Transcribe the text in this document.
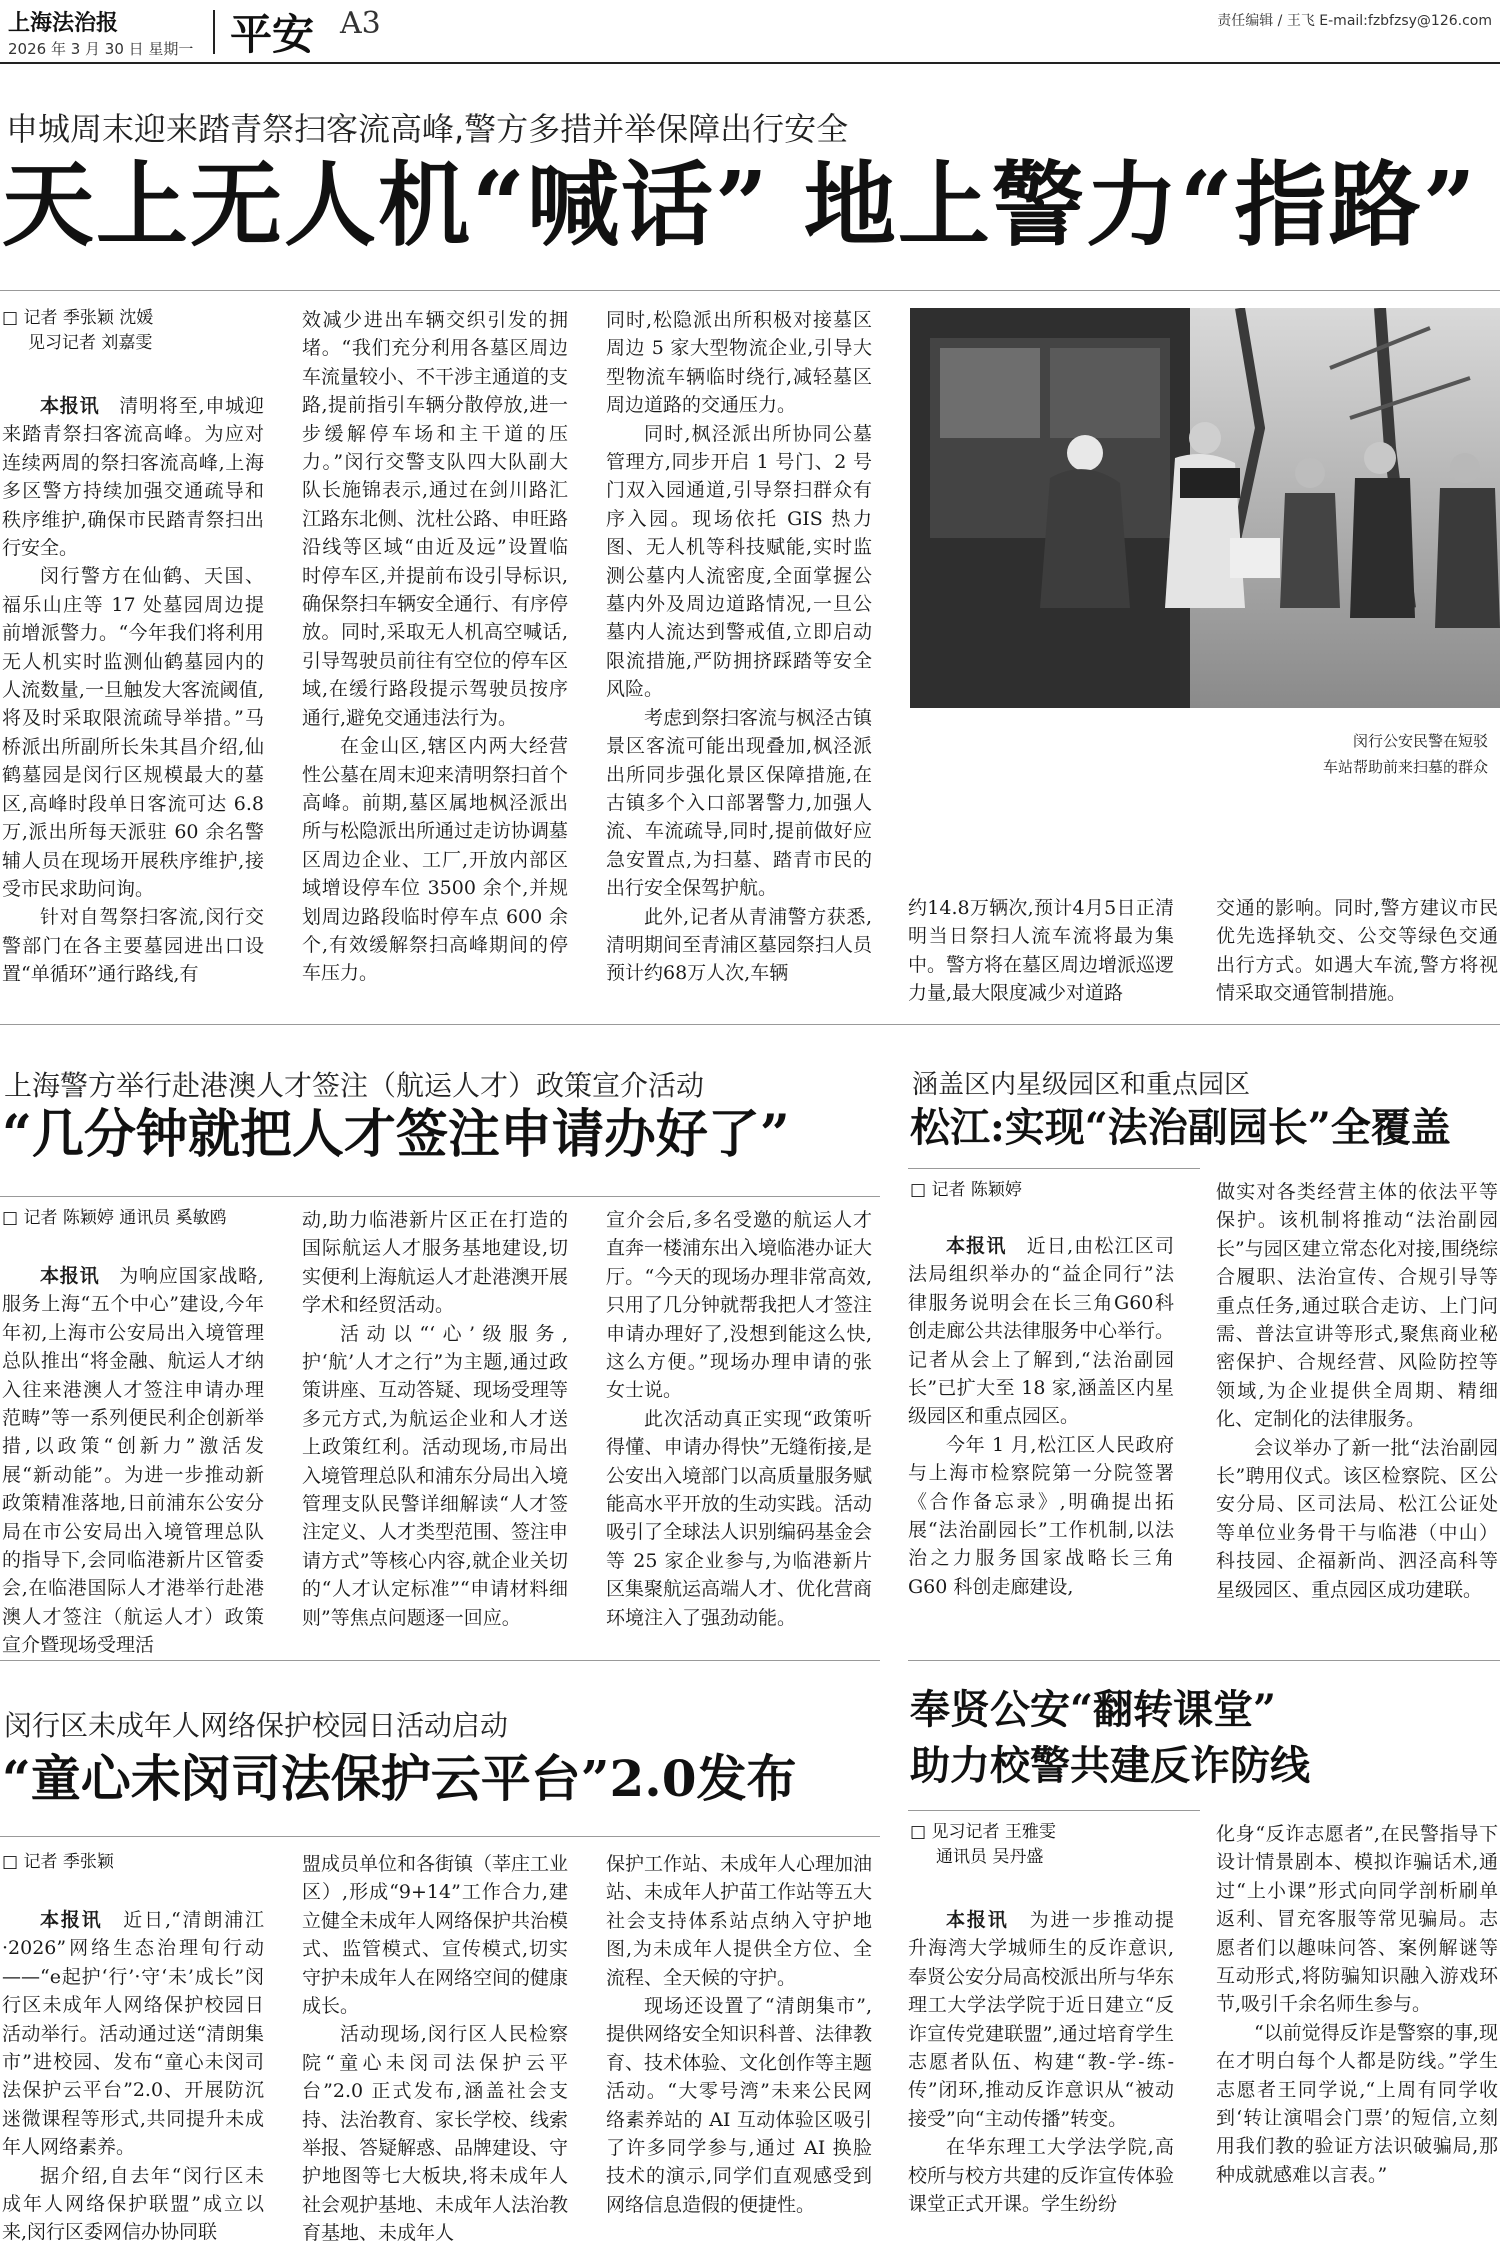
上海法治报
2026 年 3 月 30 日 星期一 平安 A3	责任编辑 / 王飞 E-mail:fzbfzsy@126.com
申城周末迎来踏青祭扫客流高峰,警方多措并举保障出行安全
天上无人机“喊话” 地上警力“指路”
□ 记者 季张颖 沈媛
见习记者 刘嘉雯

本报讯　 清明将至,申城迎来踏青祭扫客流高峰。为应对连续两周的祭扫客流高峰,上海多区警方持续加强交通疏导和秩序维护,确保市民踏青祭扫出行安全。

闵行警方在仙鹤、天国、福乐山庄等 17 处墓园周边提前增派警力。“今年我们将利用无人机实时监测仙鹤墓园内的人流数量,一旦触发大客流阈值,将及时采取限流疏导举措。”马桥派出所副所长朱其昌介绍,仙鹤墓园是闵行区规模最大的墓区,高峰时段单日客流可达 6.8 万,派出所每天派驻 60 余名警辅人员在现场开展秩序维护,接受市民求助问询。

针对自驾祭扫客流,闵行交警部门在各主要墓园进出口设置“单循环”通行路线,有

效减少进出车辆交织引发的拥堵。“我们充分利用各墓区周边车流量较小、不干涉主通道的支路,提前指引车辆分散停放,进一步缓解停车场和主干道的压力。”闵行交警支队四大队副大队长施锦表示,通过在剑川路汇江路东北侧、沈杜公路、申旺路沿线等区域“由近及远”设置临时停车区,并提前布设引导标识,确保祭扫车辆安全通行、有序停放。同时,采取无人机高空喊话,引导驾驶员前往有空位的停车区域,在缓行路段提示驾驶员按序通行,避免交通违法行为。

在金山区,辖区内两大经营性公墓在周末迎来清明祭扫首个高峰。前期,墓区属地枫泾派出所与松隐派出所通过走访协调墓区周边企业、工厂,开放内部区域增设停车位 3500 余个,并规划周边路段临时停车点 600 余个,有效缓解祭扫高峰期间的停车压力。

同时,松隐派出所积极对接墓区周边 5 家大型物流企业,引导大型物流车辆临时绕行,减轻墓区周边道路的交通压力。

同时,枫泾派出所协同公墓管理方,同步开启 1 号门、2 号门双入园通道,引导祭扫群众有序入园。现场依托 GIS 热力图、无人机等科技赋能,实时监测公墓内人流密度,全面掌握公墓内外及周边道路情况,一旦公墓内人流达到警戒值,立即启动限流措施,严防拥挤踩踏等安全风险。

考虑到祭扫客流与枫泾古镇景区客流可能出现叠加,枫泾派出所同步强化景区保障措施,在古镇多个入口部署警力,加强人流、车流疏导,同时,提前做好应急安置点,为扫墓、踏青市民的出行安全保驾护航。

此外,记者从青浦警方获悉,清明期间至青浦区墓园祭扫人员预计约68万人次,车辆

疏导	闵行公安民警在短驳
车站帮助前来扫墓的群众

约14.8万辆次,预计4月5日正清明当日祭扫人流车流将最为集中。警方将在墓区周边增派巡逻力量,最大限度减少对道路

交通的影响。同时,警方建议市民优先选择轨交、公交等绿色交通出行方式。如遇大车流,警方将视情采取交通管制措施。

上海警方举行赴港澳人才签注（航运人才）政策宣介活动
“几分钟就把人才签注申请办好了”
□ 记者 陈颖婷 通讯员 奚敏鸥

本报讯　 为响应国家战略,服务上海“五个中心”建设,今年年初,上海市公安局出入境管理总队推出“将金融、航运人才纳入往来港澳人才签注申请办理范畴”等一系列便民利企创新举措,以政策“创新力”激活发展“新动能”。为进一步推动新政策精准落地,日前浦东公安分局在市公安局出入境管理总队的指导下,会同临港新片区管委会,在临港国际人才港举行赴港澳人才签注（航运人才）政策宣介暨现场受理活

动,助力临港新片区正在打造的国际航运人才服务基地建设,切实便利上海航运人才赴港澳开展学术和经贸活动。

活动以“‘心’级服务,护‘航’人才之行”为主题,通过政策讲座、互动答疑、现场受理等多元方式,为航运企业和人才送上政策红利。活动现场,市局出入境管理总队和浦东分局出入境管理支队民警详细解读“人才签注定义、人才类型范围、签注申请方式”等核心内容,就企业关切的“人才认定标准”“申请材料细则”等焦点问题逐一回应。

宣介会后,多名受邀的航运人才直奔一楼浦东出入境临港办证大厅。“今天的现场办理非常高效,只用了几分钟就帮我把人才签注申请办理好了,没想到能这么快,这么方便。”现场办理申请的张女士说。

此次活动真正实现“政策听得懂、申请办得快”无缝衔接,是公安出入境部门以高质量服务赋能高水平开放的生动实践。活动吸引了全球法人识别编码基金会等 25 家企业参与,为临港新片区集聚航运高端人才、优化营商环境注入了强劲动能。

涵盖区内星级园区和重点园区
松江:实现“法治副园长”全覆盖
□ 记者 陈颖婷

本报讯　 近日,由松江区司法局组织举办的“益企同行”法律服务说明会在长三角G60科创走廊公共法律服务中心举行。记者从会上了解到,“法治副园长”已扩大至 18 家,涵盖区内星级园区和重点园区。

今年 1 月,松江区人民政府与上海市检察院第一分院签署《合作备忘录》,明确提出拓展“法治副园长”工作机制,以法治之力服务国家战略长三角 G60 科创走廊建设,

做实对各类经营主体的依法平等保护。该机制将推动“法治副园长”与园区建立常态化对接,围绕综合履职、法治宣传、合规引导等重点任务,通过联合走访、上门问需、普法宣讲等形式,聚焦商业秘密保护、合规经营、风险防控等领域,为企业提供全周期、精细化、定制化的法律服务。

会议举办了新一批“法治副园长”聘用仪式。该区检察院、区公安分局、区司法局、松江公证处等单位业务骨干与临港（中山）科技园、企福新尚、泗泾高科等星级园区、重点园区成功建联。

闵行区未成年人网络保护校园日活动启动
“童心未闵司法保护云平台”2.0发布
□ 记者 季张颖

本报讯　 近日,“清朗浦江·2026”网络生态治理旬行动——“e起护‘行’·守‘未’成长”闵行区未成年人网络保护校园日活动举行。活动通过送“清朗集市”进校园、发布“童心未闵司法保护云平台”2.0、开展防沉迷微课程等形式,共同提升未成年人网络素养。

据介绍,自去年“闵行区未成年人网络保护联盟”成立以来,闵行区委网信办协同联

盟成员单位和各街镇（莘庄工业区）,形成“9+14”工作合力,建立健全未成年人网络保护共治模式、监管模式、宣传模式,切实守护未成年人在网络空间的健康成长。

活动现场,闵行区人民检察院“童心未闵司法保护云平台”2.0 正式发布,涵盖社会支持、法治教育、家长学校、线索举报、答疑解惑、品牌建设、守护地图等七大板块,将未成年人社会观护基地、未成年人法治教育基地、未成年人

保护工作站、未成年人心理加油站、未成年人护苗工作站等五大社会支持体系站点纳入守护地图,为未成年人提供全方位、全流程、全天候的守护。

现场还设置了“清朗集市”,提供网络安全知识科普、法律教育、技术体验、文化创作等主题活动。“大零号湾”未来公民网络素养站的 AI 互动体验区吸引了许多同学参与,通过 AI 换脸技术的演示,同学们直观感受到网络信息造假的便捷性。

奉贤公安“翻转课堂”
助力校警共建反诈防线
□ 见习记者 王雅雯
通讯员 吴丹盛

本报讯　 为进一步推动提升海湾大学城师生的反诈意识,奉贤公安分局高校派出所与华东理工大学法学院于近日建立“反诈宣传党建联盟”,通过培育学生志愿者队伍、构建“教-学-练-传”闭环,推动反诈意识从“被动接受”向“主动传播”转变。

在华东理工大学法学院,高校所与校方共建的反诈宣传体验课堂正式开课。学生纷纷

化身“反诈志愿者”,在民警指导下设计情景剧本、模拟诈骗话术,通过“上小课”形式向同学剖析刷单返利、冒充客服等常见骗局。志愿者们以趣味问答、案例解谜等互动形式,将防骗知识融入游戏环节,吸引千余名师生参与。

“以前觉得反诈是警察的事,现在才明白每个人都是防线。”学生志愿者王同学说,“上周有同学收到‘转让演唱会门票’的短信,立刻用我们教的验证方法识破骗局,那种成就感难以言表。”
